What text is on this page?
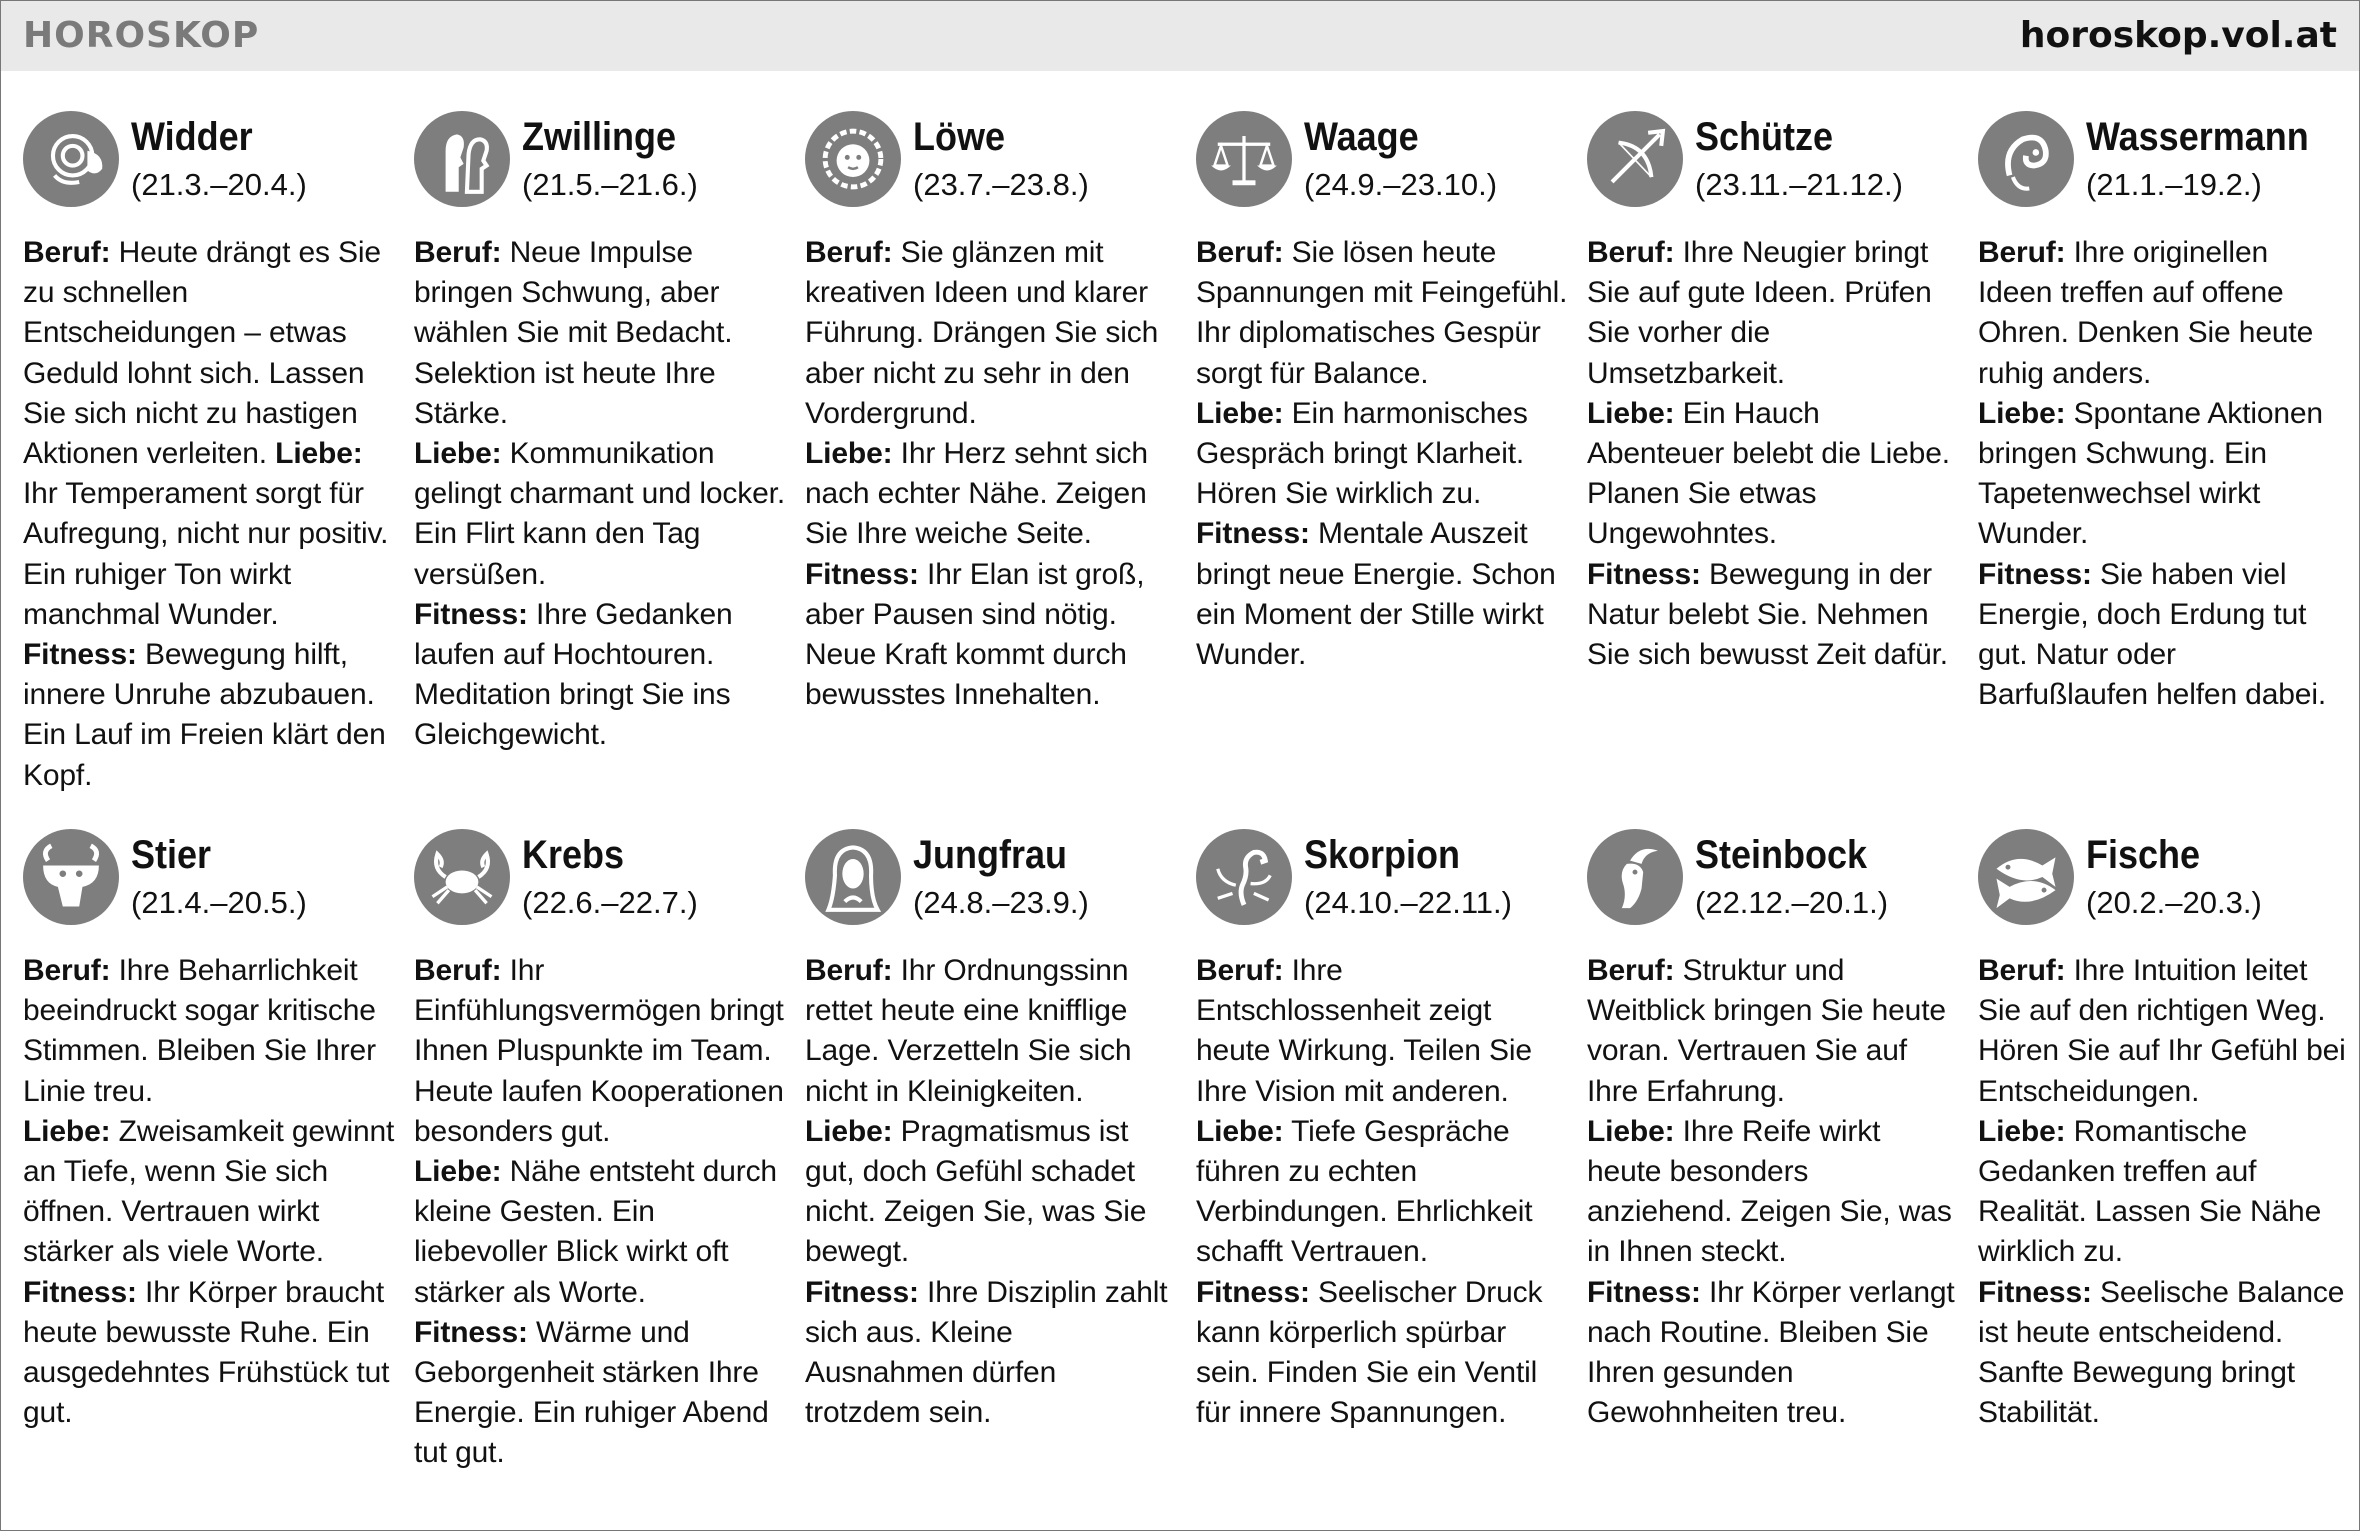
HOROSKOP	horoskop.vol.at
Widder
(21.3.–20.4.)
Beruf: Heute drängt es Sie zu schnellen Entscheidungen – etwas Geduld lohnt sich. Lassen Sie sich nicht zu hastigen Aktionen verleiten. Liebe: Ihr Temperament sorgt für Aufregung, nicht nur positiv. Ein ruhiger Ton wirkt manchmal Wunder.
Fitness: Bewegung hilft, innere Unruhe abzubauen. Ein Lauf im Freien klärt den Kopf.
Zwillinge
(21.5.–21.6.)
Beruf: Neue Impulse bringen Schwung, aber wählen Sie mit Bedacht. Selektion ist heute Ihre Stärke.
Liebe: Kommunikation gelingt charmant und locker. Ein Flirt kann den Tag versüßen.
Fitness: Ihre Gedanken laufen auf Hochtouren. Meditation bringt Sie ins Gleichgewicht.
Löwe
(23.7.–23.8.)
Beruf: Sie glänzen mit kreativen Ideen und klarer Führung. Drängen Sie sich aber nicht zu sehr in den Vordergrund.
Liebe: Ihr Herz sehnt sich nach echter Nähe. Zeigen Sie Ihre weiche Seite.
Fitness: Ihr Elan ist groß, aber Pausen sind nötig. Neue Kraft kommt durch bewusstes Innehalten.
Waage
(24.9.–23.10.)
Beruf: Sie lösen heute Spannungen mit Feingefühl. Ihr diplomatisches Gespür sorgt für Balance.
Liebe: Ein harmonisches Gespräch bringt Klarheit. Hören Sie wirklich zu.
Fitness: Mentale Auszeit bringt neue Energie. Schon ein Moment der Stille wirkt Wunder.
Schütze
(23.11.–21.12.)
Beruf: Ihre Neugier bringt Sie auf gute Ideen. Prüfen Sie vorher die Umsetzbarkeit.
Liebe: Ein Hauch Abenteuer belebt die Liebe. Planen Sie etwas Ungewohntes.
Fitness: Bewegung in der Natur belebt Sie. Nehmen Sie sich bewusst Zeit dafür.
Wassermann
(21.1.–19.2.)
Beruf: Ihre originellen Ideen treffen auf offene Ohren. Denken Sie heute ruhig anders.
Liebe: Spontane Aktionen bringen Schwung. Ein Tapetenwechsel wirkt Wunder.
Fitness: Sie haben viel Energie, doch Erdung tut gut. Natur oder Barfußlaufen helfen dabei.
Stier
(21.4.–20.5.)
Beruf: Ihre Beharrlichkeit beeindruckt sogar kritische Stimmen. Bleiben Sie Ihrer Linie treu.
Liebe: Zweisamkeit gewinnt an Tiefe, wenn Sie sich öffnen. Vertrauen wirkt stärker als viele Worte.
Fitness: Ihr Körper braucht heute bewusste Ruhe. Ein ausgedehntes Frühstück tut gut.
Krebs
(22.6.–22.7.)
Beruf: Ihr Einfühlungsvermögen bringt Ihnen Pluspunkte im Team. Heute laufen Kooperationen besonders gut.
Liebe: Nähe entsteht durch kleine Gesten. Ein liebevoller Blick wirkt oft stärker als Worte.
Fitness: Wärme und Geborgenheit stärken Ihre Energie. Ein ruhiger Abend tut gut.
Jungfrau
(24.8.–23.9.)
Beruf: Ihr Ordnungssinn rettet heute eine knifflige Lage. Verzetteln Sie sich nicht in Kleinigkeiten.
Liebe: Pragmatismus ist gut, doch Gefühl schadet nicht. Zeigen Sie, was Sie bewegt.
Fitness: Ihre Disziplin zahlt sich aus. Kleine Ausnahmen dürfen trotzdem sein.
Skorpion
(24.10.–22.11.)
Beruf: Ihre Entschlossenheit zeigt heute Wirkung. Teilen Sie Ihre Vision mit anderen.
Liebe: Tiefe Gespräche führen zu echten Verbindungen. Ehrlichkeit schafft Vertrauen.
Fitness: Seelischer Druck kann körperlich spürbar sein. Finden Sie ein Ventil für innere Spannungen.
Steinbock
(22.12.–20.1.)
Beruf: Struktur und Weitblick bringen Sie heute voran. Vertrauen Sie auf Ihre Erfahrung.
Liebe: Ihre Reife wirkt heute besonders anziehend. Zeigen Sie, was in Ihnen steckt.
Fitness: Ihr Körper verlangt nach Routine. Bleiben Sie Ihren gesunden Gewohnheiten treu.
Fische
(20.2.–20.3.)
Beruf: Ihre Intuition leitet Sie auf den richtigen Weg. Hören Sie auf Ihr Gefühl bei Entscheidungen.
Liebe: Romantische Gedanken treffen auf Realität. Lassen Sie Nähe wirklich zu.
Fitness: Seelische Balance ist heute entscheidend. Sanfte Bewegung bringt Stabilität.
